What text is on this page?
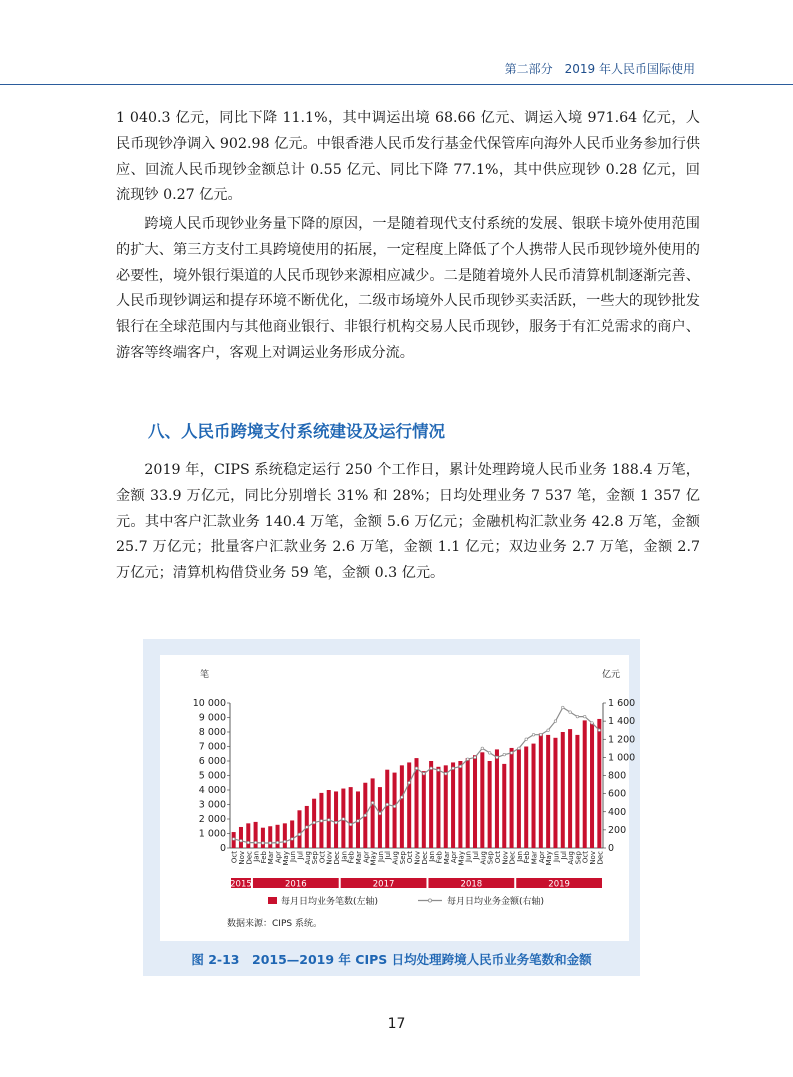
第二部分　2019 年人民币国际使用

1 040.3 亿元，同比下降 11.1%，其中调运出境 68.66 亿元、调运入境 971.64 亿元，人民币现钞净调入 902.98 亿元。中银香港人民币发行基金代保管库向海外人民币业务参加行供应、回流人民币现钞金额总计 0.55 亿元、同比下降 77.1%，其中供应现钞 0.28 亿元，回流现钞 0.27 亿元。

跨境人民币现钞业务量下降的原因，一是随着现代支付系统的发展、银联卡境外使用范围的扩大、第三方支付工具跨境使用的拓展，一定程度上降低了个人携带人民币现钞境外使用的必要性，境外银行渠道的人民币现钞来源相应减少。二是随着境外人民币清算机制逐渐完善、人民币现钞调运和提存环境不断优化，二级市场境外人民币现钞买卖活跃，一些大的现钞批发银行在全球范围内与其他商业银行、非银行机构交易人民币现钞，服务于有汇兑需求的商户、游客等终端客户，客观上对调运业务形成分流。

八、人民币跨境支付系统建设及运行情况

2019 年，CIPS 系统稳定运行 250 个工作日，累计处理跨境人民币业务 188.4 万笔，金额 33.9 万亿元，同比分别增长 31% 和 28%；日均处理业务 7 537 笔，金额 1 357 亿元。其中客户汇款业务 140.4 万笔，金额 5.6 万亿元；金融机构汇款业务 42.8 万笔，金额 25.7 万亿元；批量客户汇款业务 2.6 万笔，金额 1.1 亿元；双边业务 2.7 万笔，金额 2.7 万亿元；清算机构借贷业务 59 笔，金额 0.3 亿元。

笔	亿元
10 000
9 000
8 000
7 000
6 000
5 000
4 000
3 000
2 000
1 000
0
1 600
1 400
1 200
1 000
800
600
400
200
0
Oct Nov Dec Jan Feb Mar Apr May Jun Jul Aug Sep Oct Nov Dec Jan Feb Mar Apr May Jun Jul Aug Sep Oct Nov Dec Jan Feb Mar Apr May Jun Jul Aug Sep Oct Nov Dec Jan Feb Mar Apr May Jun Jul Aug Sep Oct Nov Dec
2015	2016	2017	2018	2019
每月日均业务笔数(左轴)	每月日均业务金额(右轴)
数据来源：CIPS 系统。
图 2-13　2015—2019 年 CIPS 日均处理跨境人民币业务笔数和金额
17
